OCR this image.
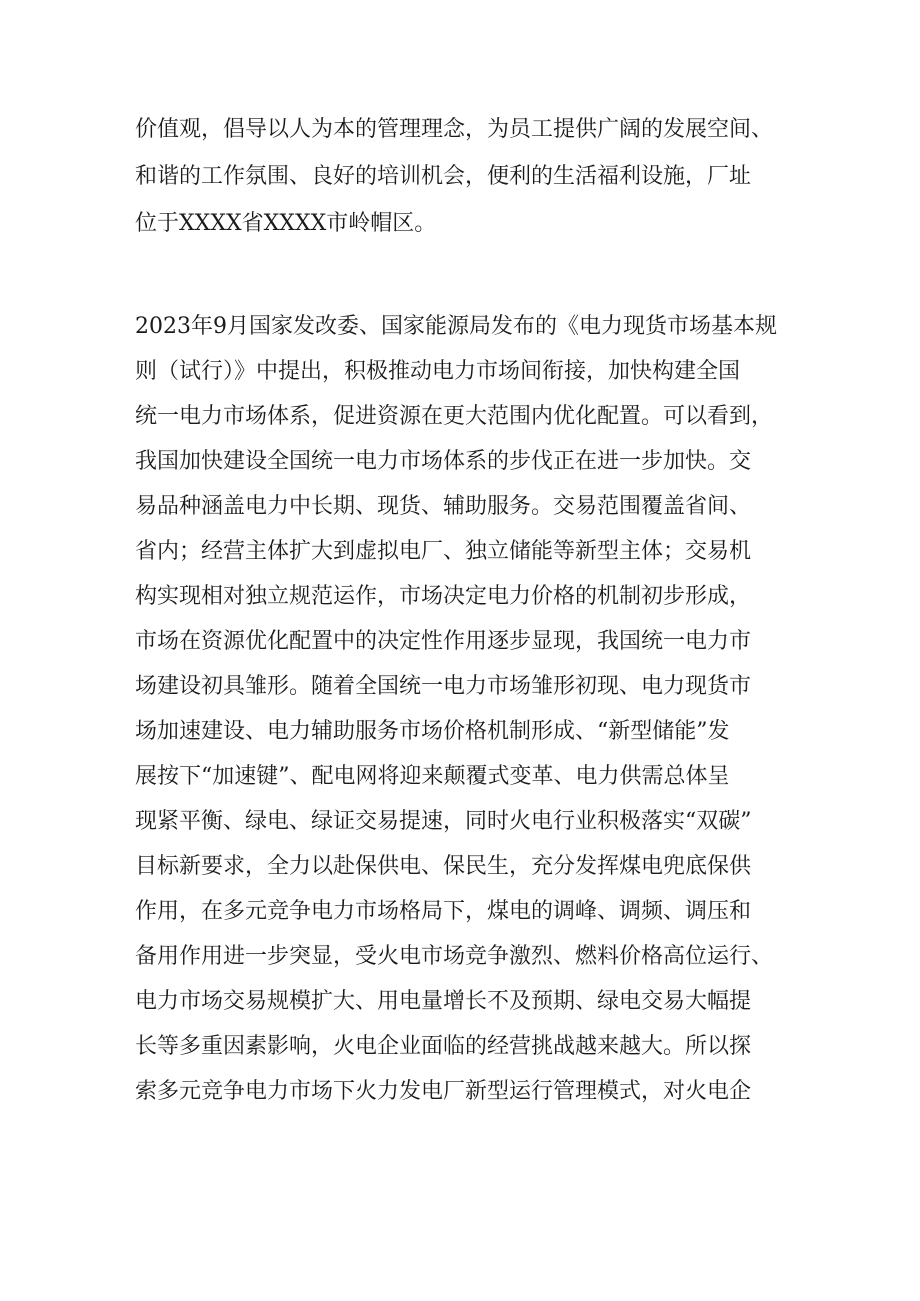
价值观，倡导以人为本的管理理念，为员工提供广阔的发展空间、
和谐的工作氛围、良好的培训机会，便利的生活福利设施，厂址
位于XXXX省XXXX市岭帽区。
2023年9月国家发改委、国家能源局发布的《电力现货市场基本规
则（试行）》中提出，积极推动电力市场间衔接，加快构建全国
统一电力市场体系，促进资源在更大范围内优化配置。可以看到，
我国加快建设全国统一电力市场体系的步伐正在进一步加快。交
易品种涵盖电力中长期、现货、辅助服务。交易范围覆盖省间、
省内；经营主体扩大到虚拟电厂、独立储能等新型主体；交易机
构实现相对独立规范运作，市场决定电力价格的机制初步形成，
市场在资源优化配置中的决定性作用逐步显现，我国统一电力市
场建设初具雏形。随着全国统一电力市场雏形初现、电力现货市
场加速建设、电力辅助服务市场价格机制形成、“新型储能”发
展按下“加速键”、配电网将迎来颠覆式变革、电力供需总体呈
现紧平衡、绿电、绿证交易提速，同时火电行业积极落实“双碳”
目标新要求，全力以赴保供电、保民生，充分发挥煤电兜底保供
作用，在多元竞争电力市场格局下，煤电的调峰、调频、调压和
备用作用进一步突显，受火电市场竞争激烈、燃料价格高位运行、
电力市场交易规模扩大、用电量增长不及预期、绿电交易大幅提
长等多重因素影响，火电企业面临的经营挑战越来越大。所以探
索多元竞争电力市场下火力发电厂新型运行管理模式，对火电企
